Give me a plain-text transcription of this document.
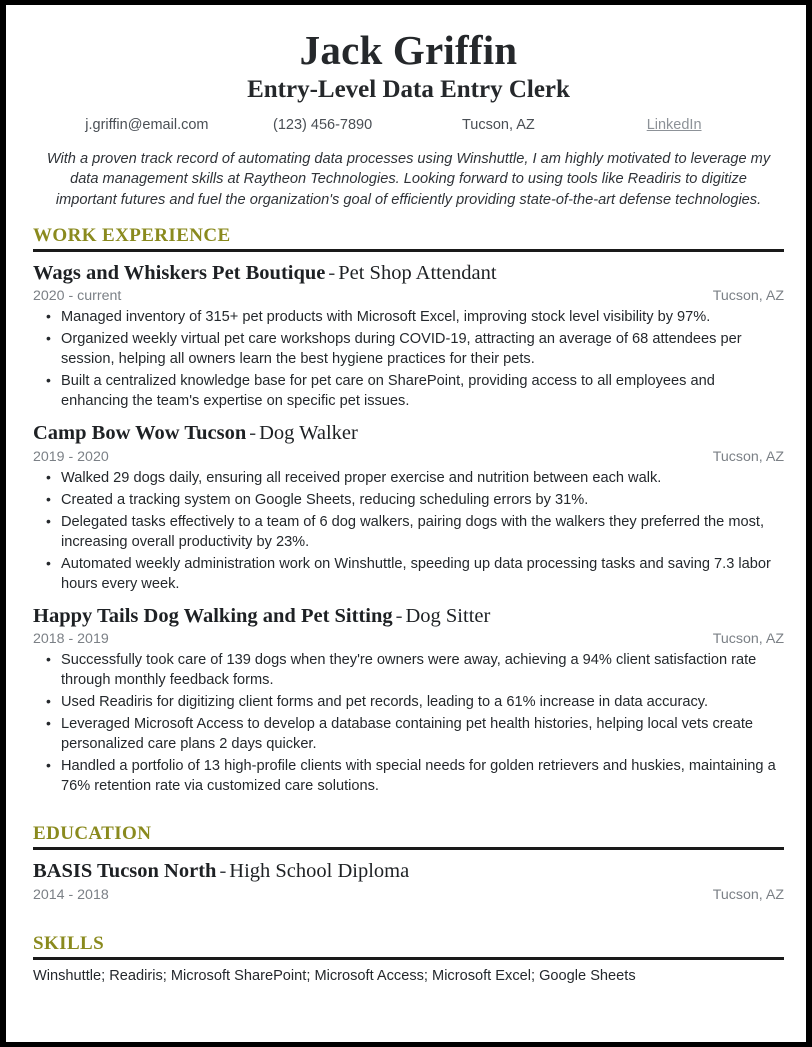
Jack Griffin
Entry-Level Data Entry Clerk
j.griffin@email.com	(123) 456-7890	Tucson, AZ	LinkedIn

With a proven track record of automating data processes using Winshuttle, I am highly motivated to leverage my data management skills at Raytheon Technologies. Looking forward to using tools like Readiris to digitize important futures and fuel the organization's goal of efficiently providing state-of-the-art defense technologies.

WORK EXPERIENCE
Wags and Whiskers Pet Boutique - Pet Shop Attendant
2020 - current	Tucson, AZ
• Managed inventory of 315+ pet products with Microsoft Excel, improving stock level visibility by 97%.
• Organized weekly virtual pet care workshops during COVID-19, attracting an average of 68 attendees per session, helping all owners learn the best hygiene practices for their pets.
• Built a centralized knowledge base for pet care on SharePoint, providing access to all employees and enhancing the team's expertise on specific pet issues.
Camp Bow Wow Tucson - Dog Walker
2019 - 2020	Tucson, AZ
• Walked 29 dogs daily, ensuring all received proper exercise and nutrition between each walk.
• Created a tracking system on Google Sheets, reducing scheduling errors by 31%.
• Delegated tasks effectively to a team of 6 dog walkers, pairing dogs with the walkers they preferred the most, increasing overall productivity by 23%.
• Automated weekly administration work on Winshuttle, speeding up data processing tasks and saving 7.3 labor hours every week.
Happy Tails Dog Walking and Pet Sitting - Dog Sitter
2018 - 2019	Tucson, AZ
• Successfully took care of 139 dogs when they're owners were away, achieving a 94% client satisfaction rate through monthly feedback forms.
• Used Readiris for digitizing client forms and pet records, leading to a 61% increase in data accuracy.
• Leveraged Microsoft Access to develop a database containing pet health histories, helping local vets create personalized care plans 2 days quicker.
• Handled a portfolio of 13 high-profile clients with special needs for golden retrievers and huskies, maintaining a 76% retention rate via customized care solutions.
EDUCATION
BASIS Tucson North - High School Diploma
2014 - 2018	Tucson, AZ
SKILLS
Winshuttle; Readiris; Microsoft SharePoint; Microsoft Access; Microsoft Excel; Google Sheets
